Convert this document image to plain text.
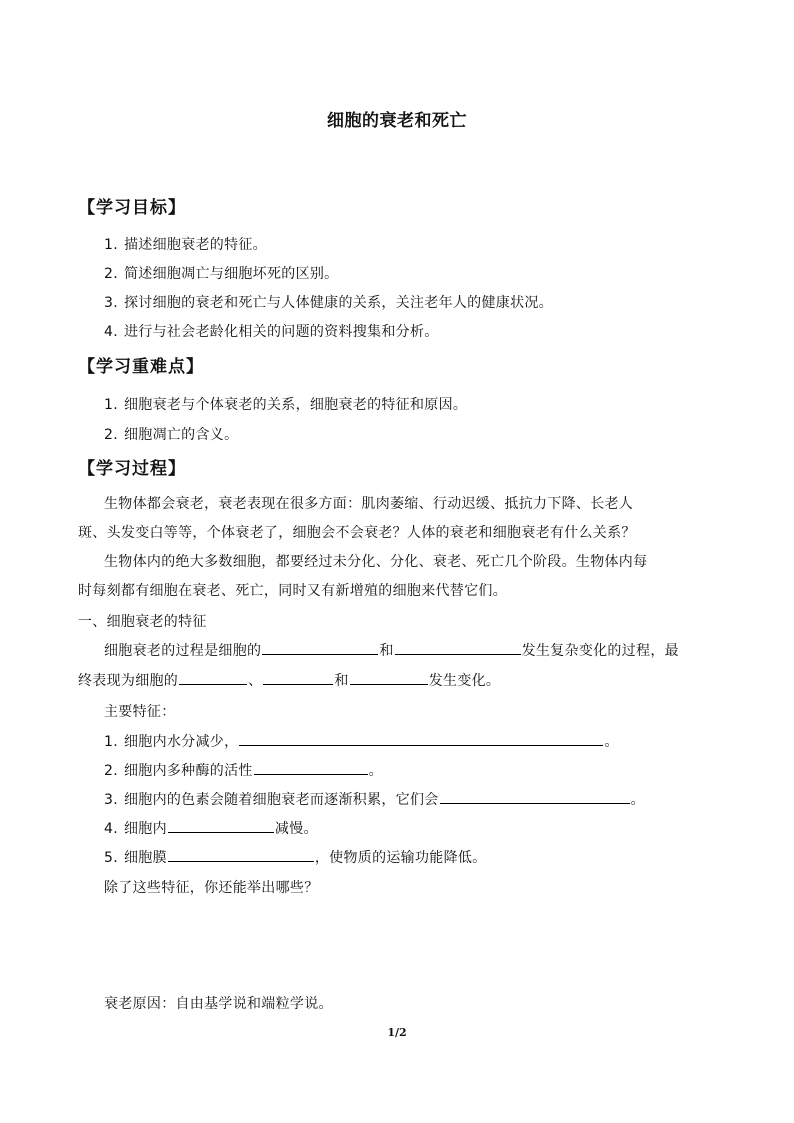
细胞的衰老和死亡
【学习目标】
1. 描述细胞衰老的特征。
2. 简述细胞凋亡与细胞坏死的区别。
3. 探讨细胞的衰老和死亡与人体健康的关系，关注老年人的健康状况。
4. 进行与社会老龄化相关的问题的资料搜集和分析。
【学习重难点】
1. 细胞衰老与个体衰老的关系，细胞衰老的特征和原因。
2. 细胞凋亡的含义。
【学习过程】
生物体都会衰老，衰老表现在很多方面：肌肉萎缩、行动迟缓、抵抗力下降、长老人
斑、头发变白等等，个体衰老了，细胞会不会衰老？人体的衰老和细胞衰老有什么关系？
生物体内的绝大多数细胞，都要经过未分化、分化、衰老、死亡几个阶段。生物体内每
时每刻都有细胞在衰老、死亡，同时又有新增殖的细胞来代替它们。
一、细胞衰老的特征
细胞衰老的过程是细胞的	和	发生复杂变化的过程，最
终表现为细胞的	、	和	发生变化。
主要特征：
1. 细胞内水分减少，	。
2. 细胞内多种酶的活性	。
3. 细胞内的色素会随着细胞衰老而逐渐积累，它们会	。
4. 细胞内	减慢。
5. 细胞膜	，使物质的运输功能降低。
除了这些特征，你还能举出哪些？
衰老原因：自由基学说和端粒学说。
1/2
